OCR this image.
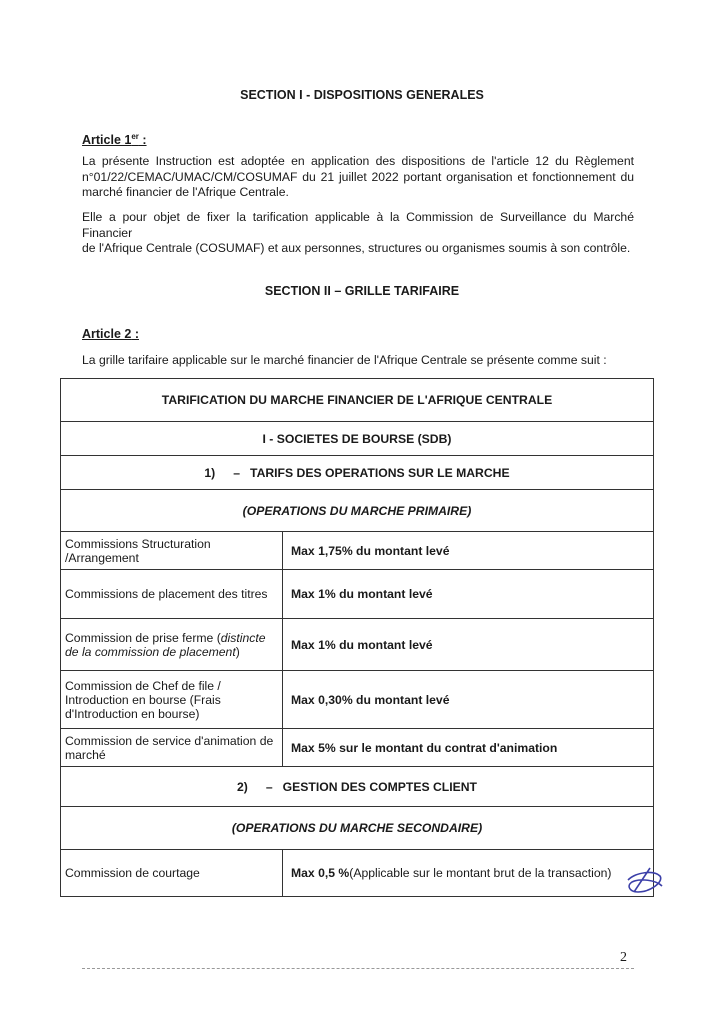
SECTION I - DISPOSITIONS GENERALES
Article 1er :
La présente Instruction est adoptée en application des dispositions de l'article 12 du Règlement
n°01/22/CEMAC/UMAC/CM/COSUMAF du 21 juillet 2022 portant organisation et fonctionnement du
marché financier de l'Afrique Centrale.
Elle a pour objet de fixer la tarification applicable à la Commission de Surveillance du Marché Financier
de l'Afrique Centrale (COSUMAF) et aux personnes, structures ou organismes soumis à son contrôle.
SECTION II – GRILLE TARIFAIRE
Article 2 :
La grille tarifaire applicable sur le marché financier de l'Afrique Centrale se présente comme suit :
TARIFICATION DU MARCHE FINANCIER DE L'AFRIQUE CENTRALE
I - SOCIETES DE BOURSE (SDB)
1) – TARIFS DES OPERATIONS SUR LE MARCHE
(OPERATIONS DU MARCHE PRIMAIRE)
Commissions Structuration
/Arrangement	Max 1,75% du montant levé
Commissions de placement des titres Max 1% du montant levé
Commission de prise ferme (distincte
de la commission de placement)	Max 1% du montant levé
Commission de Chef de file /
Introduction en bourse (Frais
d'Introduction en bourse)
Max 0,30% du montant levé
Commission de service d'animation de
marché	Max 5% sur le montant du contrat d'animation
2) – GESTION DES COMPTES CLIENT
(OPERATIONS DU MARCHE SECONDAIRE)
Commission de courtage	Max 0,5 % (Applicable sur le montant brut de la transaction)
2
